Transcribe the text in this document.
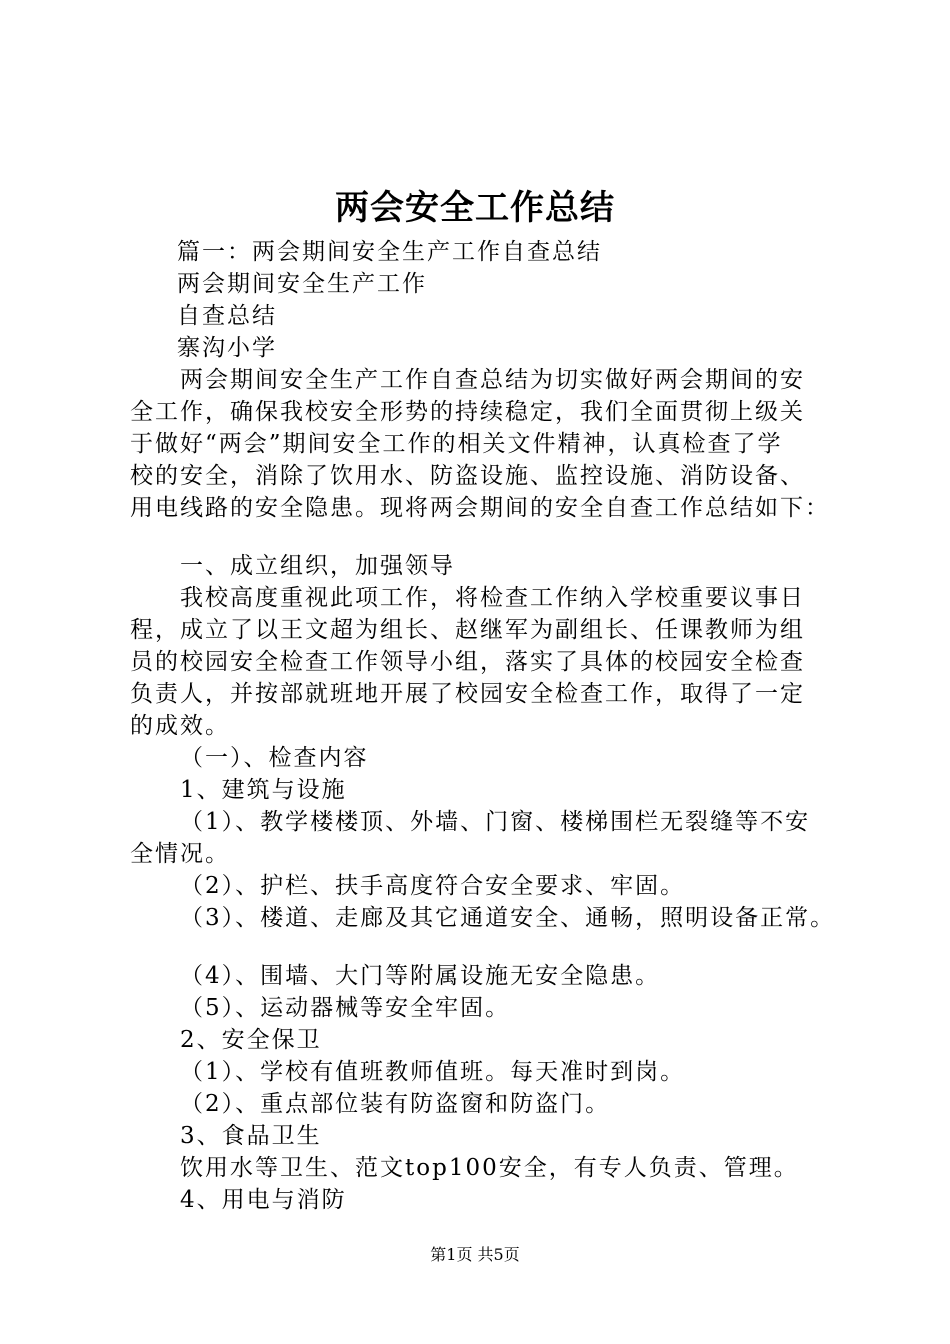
两会安全工作总结
篇一：两会期间安全生产工作自查总结
两会期间安全生产工作
自查总结
寨沟小学
两会期间安全生产工作自查总结为切实做好两会期间的安
全工作，确保我校安全形势的持续稳定，我们全面贯彻上级关
于做好“两会”期间安全工作的相关文件精神，认真检查了学
校的安全，消除了饮用水、防盗设施、监控设施、消防设备、
用电线路的安全隐患。现将两会期间的安全自查工作总结如下：
一、成立组织，加强领导
我校高度重视此项工作，将检查工作纳入学校重要议事日
程，成立了以王文超为组长、赵继军为副组长、任课教师为组
员的校园安全检查工作领导小组，落实了具体的校园安全检查
负责人，并按部就班地开展了校园安全检查工作，取得了一定
的成效。
（一）、检查内容
1、建筑与设施
（1）、教学楼楼顶、外墙、门窗、楼梯围栏无裂缝等不安
全情况。
（2）、护栏、扶手高度符合安全要求、牢固。
（3）、楼道、走廊及其它通道安全、通畅，照明设备正常。
（4）、围墙、大门等附属设施无安全隐患。
（5）、运动器械等安全牢固。
2、安全保卫
（1）、学校有值班教师值班。每天准时到岗。
（2）、重点部位装有防盗窗和防盗门。
3、食品卫生
饮用水等卫生、范文top100安全，有专人负责、管理。
4、用电与消防
第1页 共5页
